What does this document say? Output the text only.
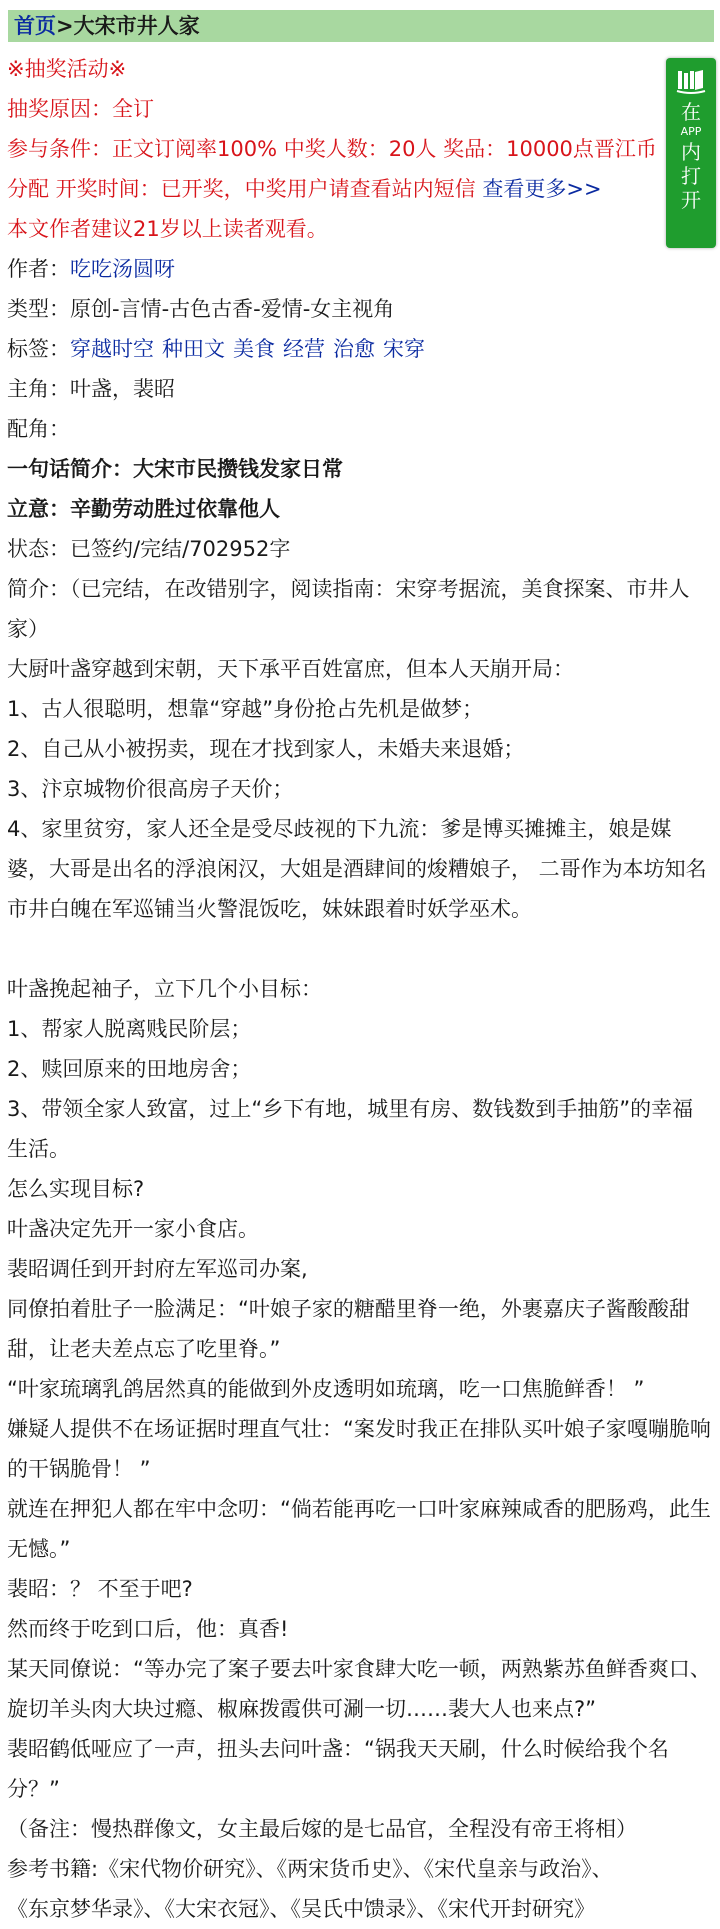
首页>大宋市井人家
※抽奖活动※
抽奖原因：全订
参与条件：正文订阅率100% 中奖人数：20人 奖品：10000点晋江币
分配 开奖时间：已开奖，中奖用户请查看站内短信 查看更多>>
本文作者建议21岁以上读者观看。
作者：吃吃汤圆呀
类型：原创-言情-古色古香-爱情-女主视角
标签：穿越时空 种田文 美食 经营 治愈 宋穿
主角：叶盏，裴昭
配角：
一句话简介：大宋市民攒钱发家日常
立意：辛勤劳动胜过依靠他人
状态：已签约/完结/702952字
简介：（已完结，在改错别字，阅读指南：宋穿考据流，美食探案、市井人家）
大厨叶盏穿越到宋朝，天下承平百姓富庶，但本人天崩开局：
1、古人很聪明，想靠“穿越”身份抢占先机是做梦；
2、自己从小被拐卖，现在才找到家人，未婚夫来退婚；
3、汴京城物价很高房子天价；
4、家里贫穷，家人还全是受尽歧视的下九流：爹是博买摊摊主，娘是媒婆，大哥是出名的浮浪闲汉，大姐是酒肆间的焌糟娘子， 二哥作为本坊知名市井白魄在军巡铺当火警混饭吃，妹妹跟着时妖学巫术。
叶盏挽起袖子，立下几个小目标：
1、帮家人脱离贱民阶层；
2、赎回原来的田地房舍；
3、带领全家人致富，过上“乡下有地，城里有房、数钱数到手抽筋”的幸福生活。
怎么实现目标?
叶盏决定先开一家小食店。
裴昭调任到开封府左军巡司办案,
同僚拍着肚子一脸满足：“叶娘子家的糖醋里脊一绝，外裹嘉庆子酱酸酸甜甜，让老夫差点忘了吃里脊。”
“叶家琉璃乳鸽居然真的能做到外皮透明如琉璃，吃一口焦脆鲜香！ ”
嫌疑人提供不在场证据时理直气壮：“案发时我正在排队买叶娘子家嘎嘣脆响的干锅脆骨！ ”
就连在押犯人都在牢中念叨：“倘若能再吃一口叶家麻辣咸香的肥肠鸡，此生无憾。”
裴昭：？ 不至于吧?
然而终于吃到口后，他：真香!
某天同僚说：“等办完了案子要去叶家食肆大吃一顿，两熟紫苏鱼鲜香爽口、旋切羊头肉大块过瘾、椒麻拨霞供可涮一切……裴大人也来点?”
裴昭鹤低哑应了一声，扭头去问叶盏：“锅我天天刷，什么时候给我个名分？”
（备注：慢热群像文，女主最后嫁的是七品官，全程没有帝王将相）
参考书籍:《宋代物价研究》、《两宋货币史》、《宋代皇亲与政治》、
《东京梦华录》、《大宋衣冠》、《吴氏中馈录》、《宋代开封研究》
在
APP
内
打
开
